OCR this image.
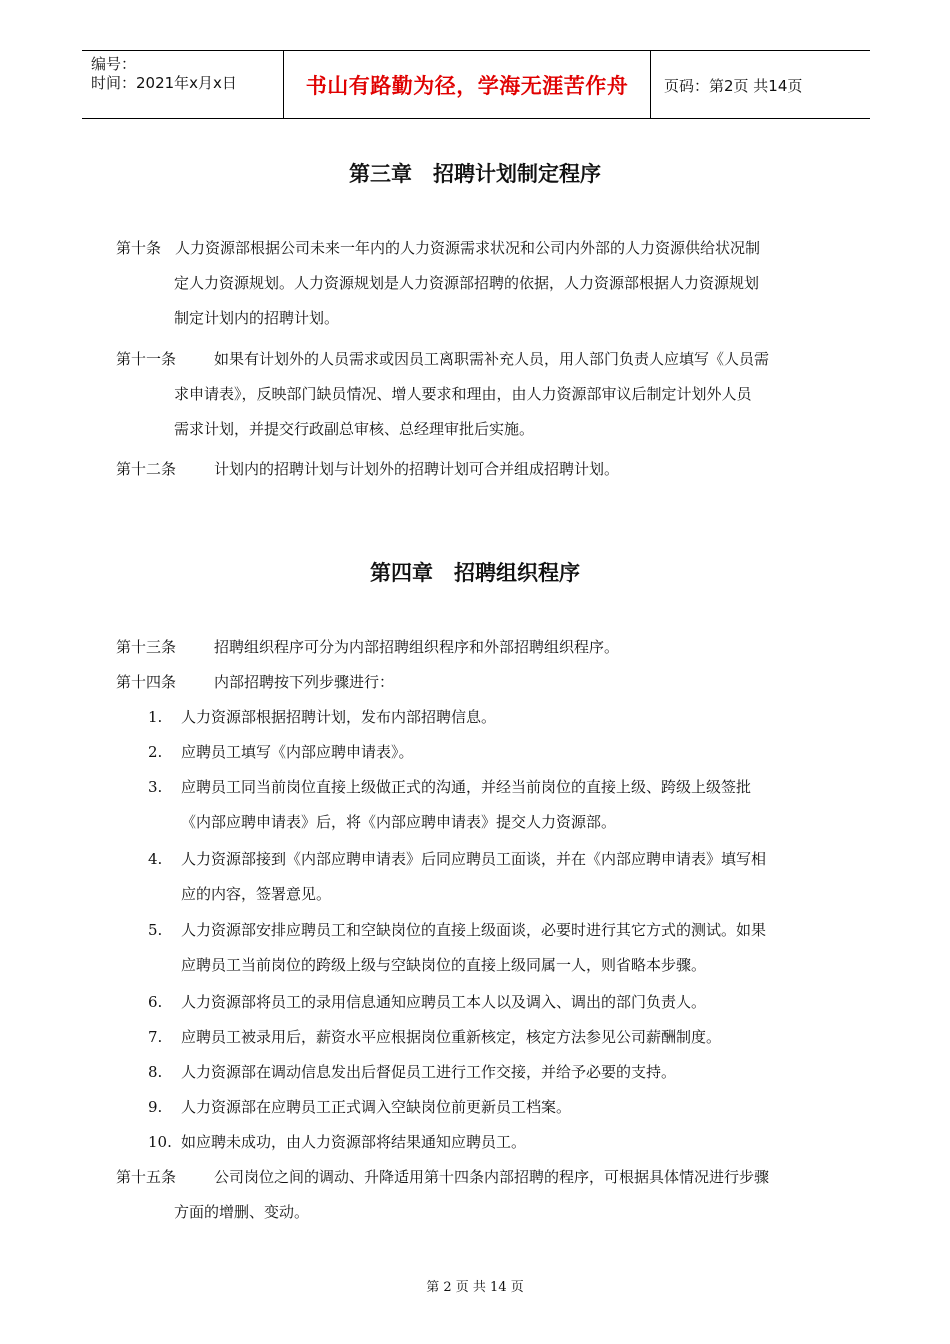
编号：
时间：2021年x月x日	书山有路勤为径，学海无涯苦作舟	页码：第2页 共14页
第三章　招聘计划制定程序
第十条 人力资源部根据公司未来一年内的人力资源需求状况和公司内外部的人力资源供给状况制
定人力资源规划。人力资源规划是人力资源部招聘的依据，人力资源部根据人力资源规划
制定计划内的招聘计划。
第十一条	如果有计划外的人员需求或因员工离职需补充人员，用人部门负责人应填写《人员需
求申请表》，反映部门缺员情况、增人要求和理由，由人力资源部审议后制定计划外人员
需求计划，并提交行政副总审核、总经理审批后实施。
第十二条	计划内的招聘计划与计划外的招聘计划可合并组成招聘计划。
第四章　招聘组织程序
第十三条	招聘组织程序可分为内部招聘组织程序和外部招聘组织程序。
第十四条	内部招聘按下列步骤进行：
1. 人力资源部根据招聘计划，发布内部招聘信息。
2. 应聘员工填写《内部应聘申请表》。
3. 应聘员工同当前岗位直接上级做正式的沟通，并经当前岗位的直接上级、跨级上级签批
《内部应聘申请表》后，将《内部应聘申请表》提交人力资源部。
4. 人力资源部接到《内部应聘申请表》后同应聘员工面谈，并在《内部应聘申请表》填写相
应的内容，签署意见。
5. 人力资源部安排应聘员工和空缺岗位的直接上级面谈，必要时进行其它方式的测试。如果
应聘员工当前岗位的跨级上级与空缺岗位的直接上级同属一人，则省略本步骤。
6. 人力资源部将员工的录用信息通知应聘员工本人以及调入、调出的部门负责人。
7. 应聘员工被录用后，薪资水平应根据岗位重新核定，核定方法参见公司薪酬制度。
8. 人力资源部在调动信息发出后督促员工进行工作交接，并给予必要的支持。
9. 人力资源部在应聘员工正式调入空缺岗位前更新员工档案。
10. 如应聘未成功，由人力资源部将结果通知应聘员工。
第十五条	公司岗位之间的调动、升降适用第十四条内部招聘的程序，可根据具体情况进行步骤
方面的增删、变动。
第 2 页 共 14 页
